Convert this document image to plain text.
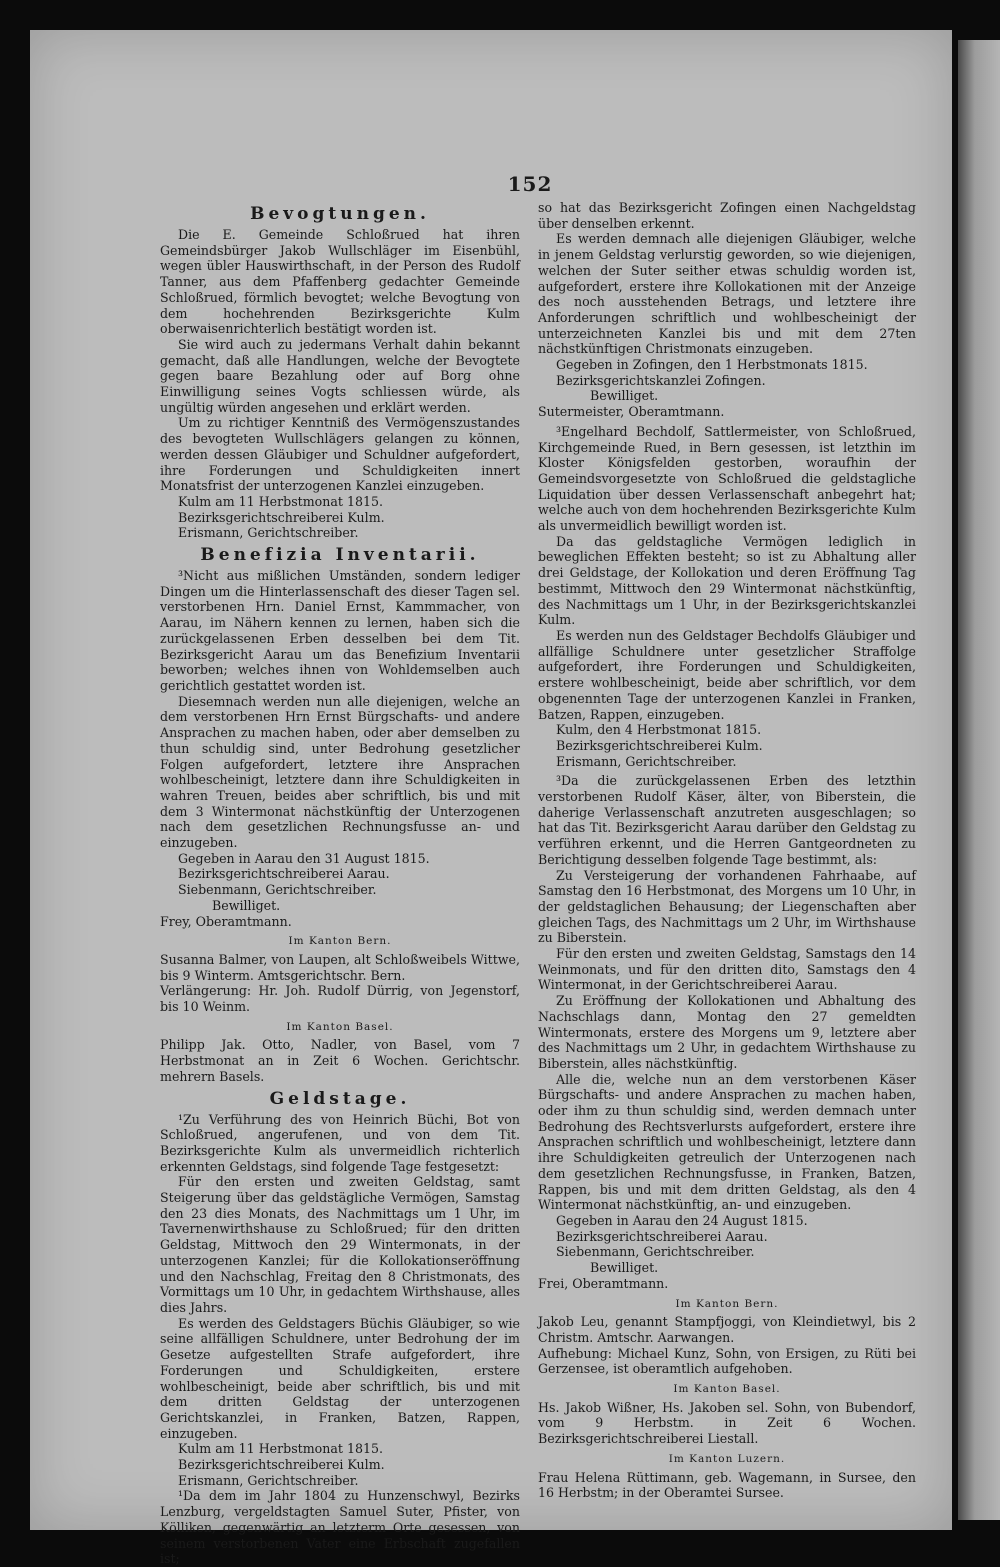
152
Bevogtungen.

Die E. Gemeinde Schloßrued hat ihren Gemeindsbürger Jakob Wullschläger im Eisenbühl, wegen übler Hauswirthschaft, in der Person des Rudolf Tanner, aus dem Pfaffenberg gedachter Gemeinde Schloßrued, förmlich bevogtet; welche Bevogtung von dem hochehrenden Bezirksgerichte Kulm oberwaisenrichterlich bestätigt worden ist.

Sie wird auch zu jedermans Verhalt dahin bekannt gemacht, daß alle Handlungen, welche der Bevogtete gegen baare Bezahlung oder auf Borg ohne Einwilligung seines Vogts schliessen würde, als ungültig würden angesehen und erklärt werden.

Um zu richtiger Kenntniß des Vermögenszustandes des bevogteten Wullschlägers gelangen zu können, werden dessen Gläubiger und Schuldner aufgefordert, ihre Forderungen und Schuldigkeiten innert Monatsfrist der unterzogenen Kanzlei einzugeben.

Kulm am 11 Herbstmonat 1815.

Bezirksgerichtschreiberei Kulm.

Erismann, Gerichtschreiber.

Benefizia Inventarii.

³Nicht aus mißlichen Umständen, sondern lediger Dingen um die Hinterlassenschaft des dieser Tagen sel. verstorbenen Hrn. Daniel Ernst, Kammmacher, von Aarau, im Nähern kennen zu lernen, haben sich die zurückgelassenen Erben desselben bei dem Tit. Bezirksgericht Aarau um das Benefizium Inventarii beworben; welches ihnen von Wohldemselben auch gerichtlich gestattet worden ist.

Diesemnach werden nun alle diejenigen, welche an dem verstorbenen Hrn Ernst Bürgschafts- und andere Ansprachen zu machen haben, oder aber demselben zu thun schuldig sind, unter Bedrohung gesetzlicher Folgen aufgefordert, letztere ihre Ansprachen wohlbescheinigt, letztere dann ihre Schuldigkeiten in wahren Treuen, beides aber schriftlich, bis und mit dem 3 Wintermonat nächstkünftig der Unterzogenen nach dem gesetzlichen Rechnungsfusse an- und einzugeben.

Gegeben in Aarau den 31 August 1815.

Bezirksgerichtschreiberei Aarau.

Siebenmann, Gerichtschreiber.

Bewilliget.

Frey, Oberamtmann.

Im Kanton Bern.

Susanna Balmer, von Laupen, alt Schloßweibels Wittwe, bis 9 Winterm. Amtsgerichtschr. Bern.

Verlängerung: Hr. Joh. Rudolf Dürrig, von Jegenstorf, bis 10 Weinm.

Im Kanton Basel.

Philipp Jak. Otto, Nadler, von Basel, vom 7 Herbstmonat an in Zeit 6 Wochen. Gerichtschr. mehrern Basels.

Geldstage.

¹Zu Verführung des von Heinrich Büchi, Bot von Schloßrued, angerufenen, und von dem Tit. Bezirksgerichte Kulm als unvermeidlich richterlich erkennten Geldstags, sind folgende Tage festgesetzt:

Für den ersten und zweiten Geldstag, samt Steigerung über das geldstägliche Vermögen, Samstag den 23 dies Monats, des Nachmittags um 1 Uhr, im Tavernenwirthshause zu Schloßrued; für den dritten Geldstag, Mittwoch den 29 Wintermonats, in der unterzogenen Kanzlei; für die Kollokationseröffnung und den Nachschlag, Freitag den 8 Christmonats, des Vormittags um 10 Uhr, in gedachtem Wirthshause, alles dies Jahrs.

Es werden des Geldstagers Büchis Gläubiger, so wie seine allfälligen Schuldnere, unter Bedrohung der im Gesetze aufgestellten Strafe aufgefordert, ihre Forderungen und Schuldigkeiten, erstere wohlbescheinigt, beide aber schriftlich, bis und mit dem dritten Geldstag der unterzogenen Gerichtskanzlei, in Franken, Batzen, Rappen, einzugeben.

Kulm am 11 Herbstmonat 1815.

Bezirksgerichtschreiberei Kulm.

Erismann, Gerichtschreiber.

¹Da dem im Jahr 1804 zu Hunzenschwyl, Bezirks Lenzburg, vergeldstagten Samuel Suter, Pfister, von Kölliken, gegenwärtig an letzterm Orte gesessen, von seinem verstorbenen Vater eine Erbschaft zugefallen ist;

so hat das Bezirksgericht Zofingen einen Nachgeldstag über denselben erkennt.

Es werden demnach alle diejenigen Gläubiger, welche in jenem Geldstag verlurstig geworden, so wie diejenigen, welchen der Suter seither etwas schuldig worden ist, aufgefordert, erstere ihre Kollokationen mit der Anzeige des noch ausstehenden Betrags, und letztere ihre Anforderungen schriftlich und wohlbescheinigt der unterzeichneten Kanzlei bis und mit dem 27ten nächstkünftigen Christmonats einzugeben.

Gegeben in Zofingen, den 1 Herbstmonats 1815.

Bezirksgerichtskanzlei Zofingen.

Bewilliget.

Sutermeister, Oberamtmann.

³Engelhard Bechdolf, Sattlermeister, von Schloßrued, Kirchgemeinde Rued, in Bern gesessen, ist letzthin im Kloster Königsfelden gestorben, woraufhin der Gemeindsvorgesetzte von Schloßrued die geldstagliche Liquidation über dessen Verlassenschaft anbegehrt hat; welche auch von dem hochehrenden Bezirksgerichte Kulm als unvermeidlich bewilligt worden ist.

Da das geldstagliche Vermögen lediglich in beweglichen Effekten besteht; so ist zu Abhaltung aller drei Geldstage, der Kollokation und deren Eröffnung Tag bestimmt, Mittwoch den 29 Wintermonat nächstkünftig, des Nachmittags um 1 Uhr, in der Bezirksgerichtskanzlei Kulm.

Es werden nun des Geldstager Bechdolfs Gläubiger und allfällige Schuldnere unter gesetzlicher Straffolge aufgefordert, ihre Forderungen und Schuldigkeiten, erstere wohlbescheinigt, beide aber schriftlich, vor dem obgenennten Tage der unterzogenen Kanzlei in Franken, Batzen, Rappen, einzugeben.

Kulm, den 4 Herbstmonat 1815.

Bezirksgerichtschreiberei Kulm.

Erismann, Gerichtschreiber.

³Da die zurückgelassenen Erben des letzthin verstorbenen Rudolf Käser, älter, von Biberstein, die daherige Verlassenschaft anzutreten ausgeschlagen; so hat das Tit. Bezirksgericht Aarau darüber den Geldstag zu verführen erkennt, und die Herren Gantgeordneten zu Berichtigung desselben folgende Tage bestimmt, als:

Zu Versteigerung der vorhandenen Fahrhaabe, auf Samstag den 16 Herbstmonat, des Morgens um 10 Uhr, in der geldstaglichen Behausung; der Liegenschaften aber gleichen Tags, des Nachmittags um 2 Uhr, im Wirthshause zu Biberstein.

Für den ersten und zweiten Geldstag, Samstags den 14 Weinmonats, und für den dritten dito, Samstags den 4 Wintermonat, in der Gerichtschreiberei Aarau.

Zu Eröffnung der Kollokationen und Abhaltung des Nachschlags dann, Montag den 27 gemeldten Wintermonats, erstere des Morgens um 9, letztere aber des Nachmittags um 2 Uhr, in gedachtem Wirthshause zu Biberstein, alles nächstkünftig.

Alle die, welche nun an dem verstorbenen Käser Bürgschafts- und andere Ansprachen zu machen haben, oder ihm zu thun schuldig sind, werden demnach unter Bedrohung des Rechtsverlursts aufgefordert, erstere ihre Ansprachen schriftlich und wohlbescheinigt, letztere dann ihre Schuldigkeiten getreulich der Unterzogenen nach dem gesetzlichen Rechnungsfusse, in Franken, Batzen, Rappen, bis und mit dem dritten Geldstag, als den 4 Wintermonat nächstkünftig, an- und einzugeben.

Gegeben in Aarau den 24 August 1815.

Bezirksgerichtschreiberei Aarau.

Siebenmann, Gerichtschreiber.

Bewilliget.

Frei, Oberamtmann.

Im Kanton Bern.

Jakob Leu, genannt Stampfjoggi, von Kleindietwyl, bis 2 Christm. Amtschr. Aarwangen.

Aufhebung: Michael Kunz, Sohn, von Ersigen, zu Rüti bei Gerzensee, ist oberamtlich aufgehoben.

Im Kanton Basel.

Hs. Jakob Wißner, Hs. Jakoben sel. Sohn, von Bubendorf, vom 9 Herbstm. in Zeit 6 Wochen. Bezirksgerichtschreiberei Liestall.

Im Kanton Luzern.

Frau Helena Rüttimann, geb. Wagemann, in Sursee, den 16 Herbstm; in der Oberamtei Sursee.
